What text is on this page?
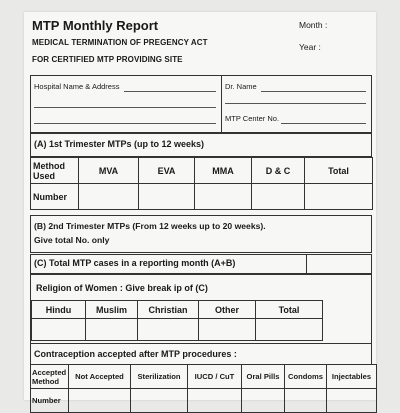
MTP Monthly Report
MEDICAL TERMINATION OF PREGENCY ACT
FOR CERTIFIED MTP PROVIDING SITE
Month :
Year :
Hospital Name & Address	Dr. Name
MTP Center No.
(A) 1st Trimester MTPs (up to 12 weeks)
Method Used	MVA	EVA	MMA	D & C	Total
Number					
(B) 2nd Trimester MTPs (From 12 weeks up to 20 weeks).
Give total No. only
(C) Total MTP cases in a reporting month (A+B)
Religion of Women : Give break ip of (C)
Hindu	Muslim	Christian	Other	Total

Contraception accepted after MTP procedures :
Accepted Method	Not Accepted	Sterilization	IUCD / CuT	Oral Pills	Condoms	Injectables
Number						
